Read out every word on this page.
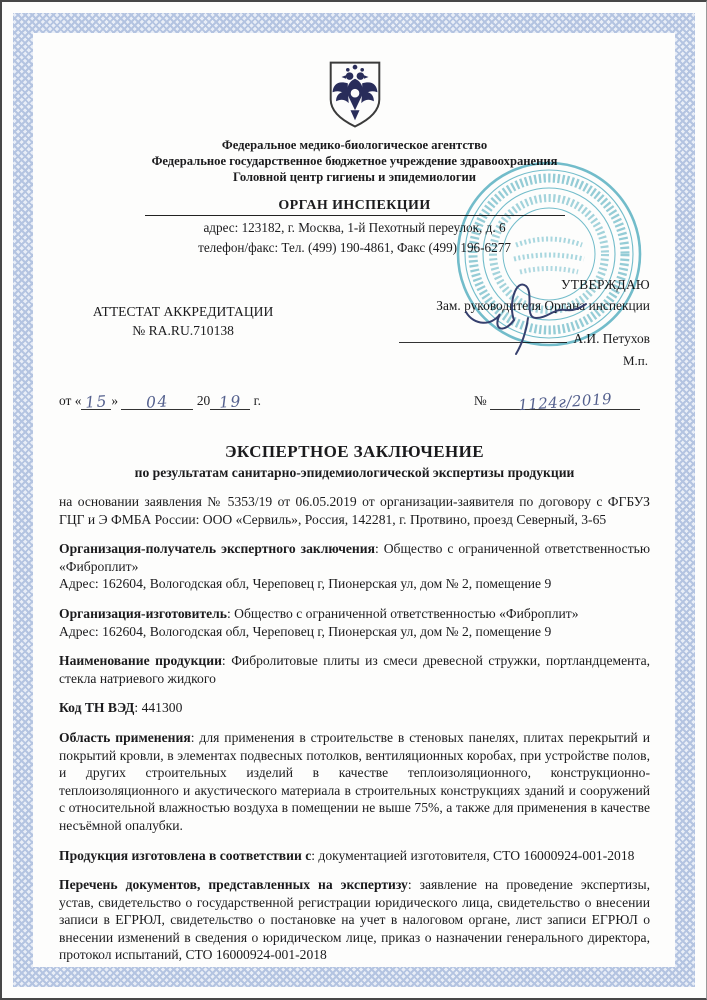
Федеральное медико-биологическое агентство
Федеральное государственное бюджетное учреждение здравоохранения
Головной центр гигиены и эпидемиологии
ОРГАН ИНСПЕКЦИИ
адрес: 123182, г. Москва, 1-й Пехотный переулок, д. 6
телефон/факс: Тел. (499) 190-4861, Факс (499) 196-6277
АТТЕСТАТ АККРЕДИТАЦИИ
№ RA.RU.710138
УТВЕРЖДАЮ
Зам. руководителя Органа инспекции
А.И. Петухов
М.п.
от « 15 » 04 20 19 г.	№ 1124г/2019
ЭКСПЕРТНОЕ ЗАКЛЮЧЕНИЕ
по результатам санитарно-эпидемиологической экспертизы продукции

на основании заявления № 5353/19 от 06.05.2019 от организации-заявителя по договору с ФГБУЗ ГЦГ и Э ФМБА России: ООО «Сервиль», Россия, 142281, г. Протвино, проезд Северный, 3-65

Организация-получатель экспертного заключения: Общество с ограниченной ответственностью «Фиброплит»
Адрес: 162604, Вологодская обл, Череповец г, Пионерская ул, дом № 2, помещение 9

Организация-изготовитель: Общество с ограниченной ответственностью «Фиброплит»
Адрес: 162604, Вологодская обл, Череповец г, Пионерская ул, дом № 2, помещение 9

Наименование продукции: Фибролитовые плиты из смеси древесной стружки, портландцемента, стекла натриевого жидкого

Код ТН ВЭД: 441300

Область применения: для применения в строительстве в стеновых панелях, плитах перекрытий и покрытий кровли, в элементах подвесных потолков, вентиляционных коробах, при устройстве полов, и других строительных изделий в качестве теплоизоляционного, конструкционно-теплоизоляционного и акустического материала в строительных конструкциях зданий и сооружений с относительной влажностью воздуха в помещении не выше 75%, а также для применения в качестве несъёмной опалубки.

Продукция изготовлена в соответствии с: документацией изготовителя, СТО 16000924-001-2018

Перечень документов, представленных на экспертизу: заявление на проведение экспертизы, устав, свидетельство о государственной регистрации юридического лица, свидетельство о внесении записи в ЕГРЮЛ, свидетельство о постановке на учет в налоговом органе, лист записи ЕГРЮЛ о внесении изменений в сведения о юридическом лице, приказ о назначении генерального директора, протокол испытаний, СТО 16000924-001-2018
